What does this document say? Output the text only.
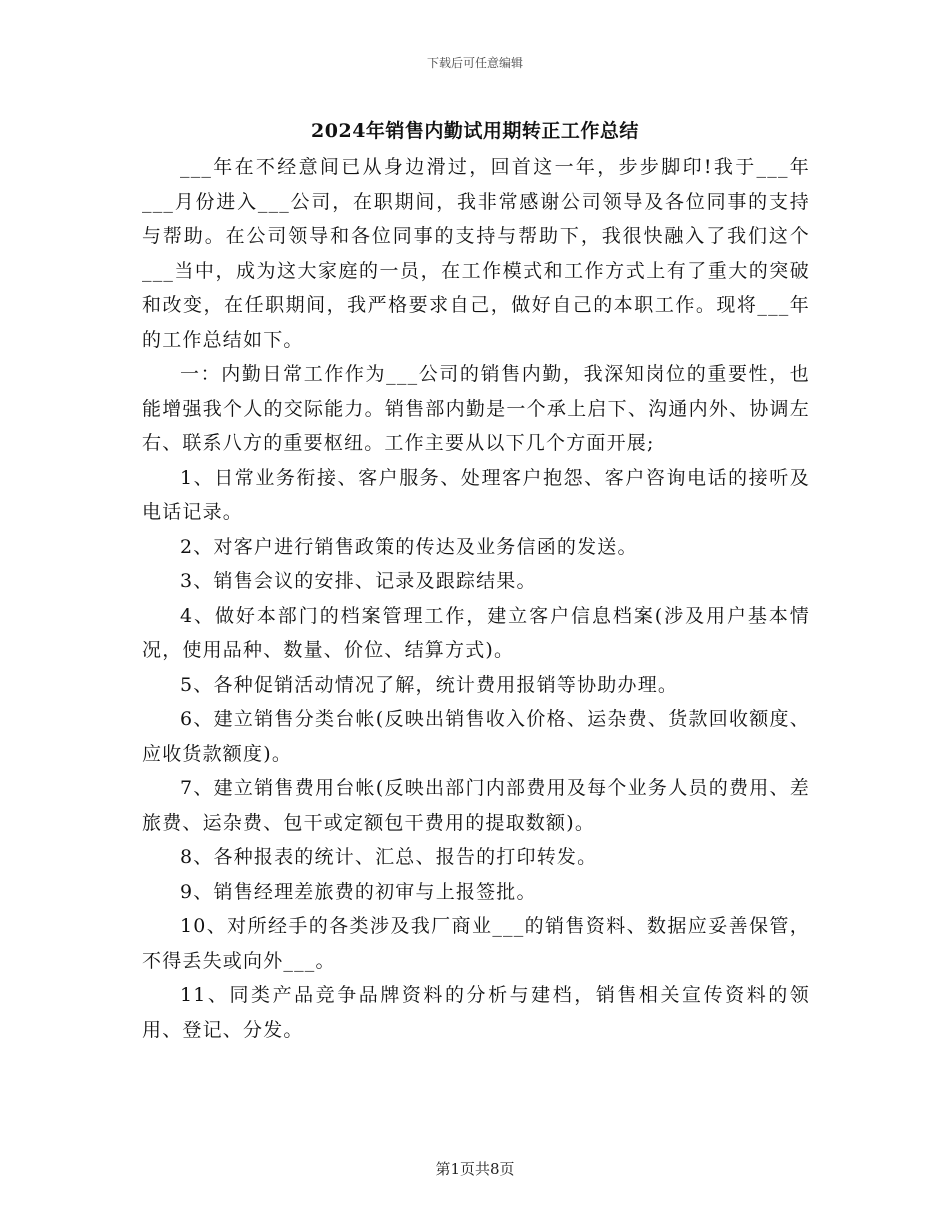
下载后可任意编辑
2024年销售内勤试用期转正工作总结

___年在不经意间已从身边滑过，回首这一年，步步脚印!我于___年___月份进入___公司，在职期间，我非常感谢公司领导及各位同事的支持与帮助。在公司领导和各位同事的支持与帮助下，我很快融入了我们这个___当中，成为这大家庭的一员，在工作模式和工作方式上有了重大的突破和改变，在任职期间，我严格要求自己，做好自己的本职工作。现将___年的工作总结如下。

一：内勤日常工作作为___公司的销售内勤，我深知岗位的重要性，也能增强我个人的交际能力。销售部内勤是一个承上启下、沟通内外、协调左右、联系八方的重要枢纽。工作主要从以下几个方面开展;

1、日常业务衔接、客户服务、处理客户抱怨、客户咨询电话的接听及电话记录。

2、对客户进行销售政策的传达及业务信函的发送。

3、销售会议的安排、记录及跟踪结果。

4、做好本部门的档案管理工作，建立客户信息档案(涉及用户基本情况，使用品种、数量、价位、结算方式)。

5、各种促销活动情况了解，统计费用报销等协助办理。

6、建立销售分类台帐(反映出销售收入价格、运杂费、货款回收额度、应收货款额度)。

7、建立销售费用台帐(反映出部门内部费用及每个业务人员的费用、差旅费、运杂费、包干或定额包干费用的提取数额)。

8、各种报表的统计、汇总、报告的打印转发。

9、销售经理差旅费的初审与上报签批。

10、对所经手的各类涉及我厂商业___的销售资料、数据应妥善保管，不得丢失或向外___。

11、同类产品竞争品牌资料的分析与建档，销售相关宣传资料的领用、登记、分发。

第1页共8页
